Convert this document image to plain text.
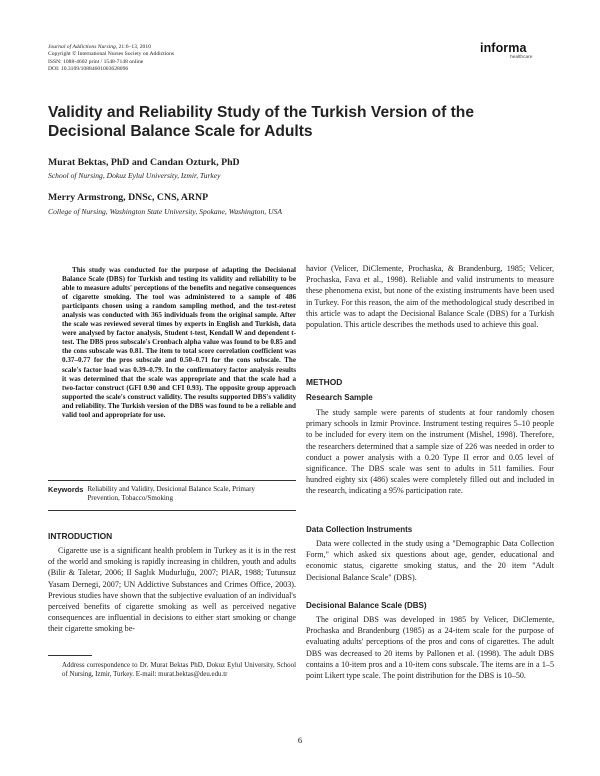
Journal of Addictions Nursing, 21:6–13, 2010
Copyright © International Nurses Society on Addictions
ISSN: 1088-4602 print / 1548-7148 online
DOI: 10.3109/10884601003628096
informa
healthcare
Validity and Reliability Study of the Turkish Version of the Decisional Balance Scale for Adults
Murat Bektas, PhD and Candan Ozturk, PhD
School of Nursing, Dokuz Eylul University, Izmir, Turkey
Merry Armstrong, DNSc, CNS, ARNP
College of Nursing, Washington State University, Spokane, Washington, USA
This study was conducted for the purpose of adapting the Decisional Balance Scale (DBS) for Turkish and testing its validity and reliability to be able to measure adults' perceptions of the benefits and negative consequences of cigarette smoking. The tool was administered to a sample of 486 participants chosen using a random sampling method, and the test-retest analysis was conducted with 365 individuals from the original sample. After the scale was reviewed several times by experts in English and Turkish, data were analysed by factor analysis, Student t-test, Kendall W and dependent t-test. The DBS pros subscale's Cronbach alpha value was found to be 0.85 and the cons subscale was 0.81. The item to total score correlation coefficient was 0.37–0.77 for the pros subscale and 0.50–0.71 for the cons subscale. The scale's factor load was 0.39–0.79. In the confirmatory factor analysis results it was determined that the scale was appropriate and that the scale had a two-factor construct (GFI 0.90 and CFI 0.93). The opposite group approach supported the scale's construct validity. The results supported DBS's validity and reliability. The Turkish version of the DBS was found to be a reliable and valid tool and appropriate for use.
Keywords Reliability and Validity, Desicional Balance Scale, Primary Prevention, Tobacco/Smoking
INTRODUCTION
Cigarette use is a significant health problem in Turkey as it is in the rest of the world and smoking is rapidly increasing in children, youth and adults (Bilir & Taletar, 2006; Il Saglık Mudurluğu, 2007; PIAR, 1988; Tutunsuz Yasam Dernegi, 2007; UN Addictive Substances and Crimes Office, 2003). Previous studies have shown that the subjective evaluation of an individual's perceived benefits of cigarette smoking as well as perceived negative consequences are influential in decisions to either start smoking or change their cigarette smoking be-
Address correspondence to Dr. Murat Bektas PhD, Dokuz Eylul University, School of Nursing, Izmir, Turkey. E-mail: murat.bektas@deu.edu.tr
havior (Velicer, DiClemente, Prochaska, & Brandenburg, 1985; Velicer, Prochaska, Fava et al., 1998). Reliable and valid instruments to measure these phenomena exist, but none of the existing instruments have been used in Turkey. For this reason, the aim of the methodological study described in this article was to adapt the Decisional Balance Scale (DBS) for a Turkish population. This article describes the methods used to achieve this goal.
METHOD
Research Sample
The study sample were parents of students at four randomly chosen primary schools in Izmir Province. Instrument testing requires 5–10 people to be included for every item on the instrument (Mishel, 1998). Therefore, the researchers determined that a sample size of 226 was needed in order to conduct a power analysis with a 0.20 Type II error and 0.05 level of significance. The DBS scale was sent to adults in 511 families. Four hundred eighty six (486) scales were completely filled out and included in the research, indicating a 95% participation rate.
Data Collection Instruments
Data were collected in the study using a "Demographic Data Collection Form," which asked six questions about age, gender, educational and economic status, cigarette smoking status, and the 20 item "Adult Decisional Balance Scale" (DBS).
Decisional Balance Scale (DBS)
The original DBS was developed in 1985 by Velicer, DiClemente, Prochaska and Brandenburg (1985) as a 24-item scale for the purpose of evaluating adults' perceptions of the pros and cons of cigarettes. The adult DBS was decreased to 20 items by Pallonen et al. (1998). The adult DBS contains a 10-item pros and a 10-item cons subscale. The items are in a 1–5 point Likert type scale. The point distribution for the DBS is 10–50.
6
